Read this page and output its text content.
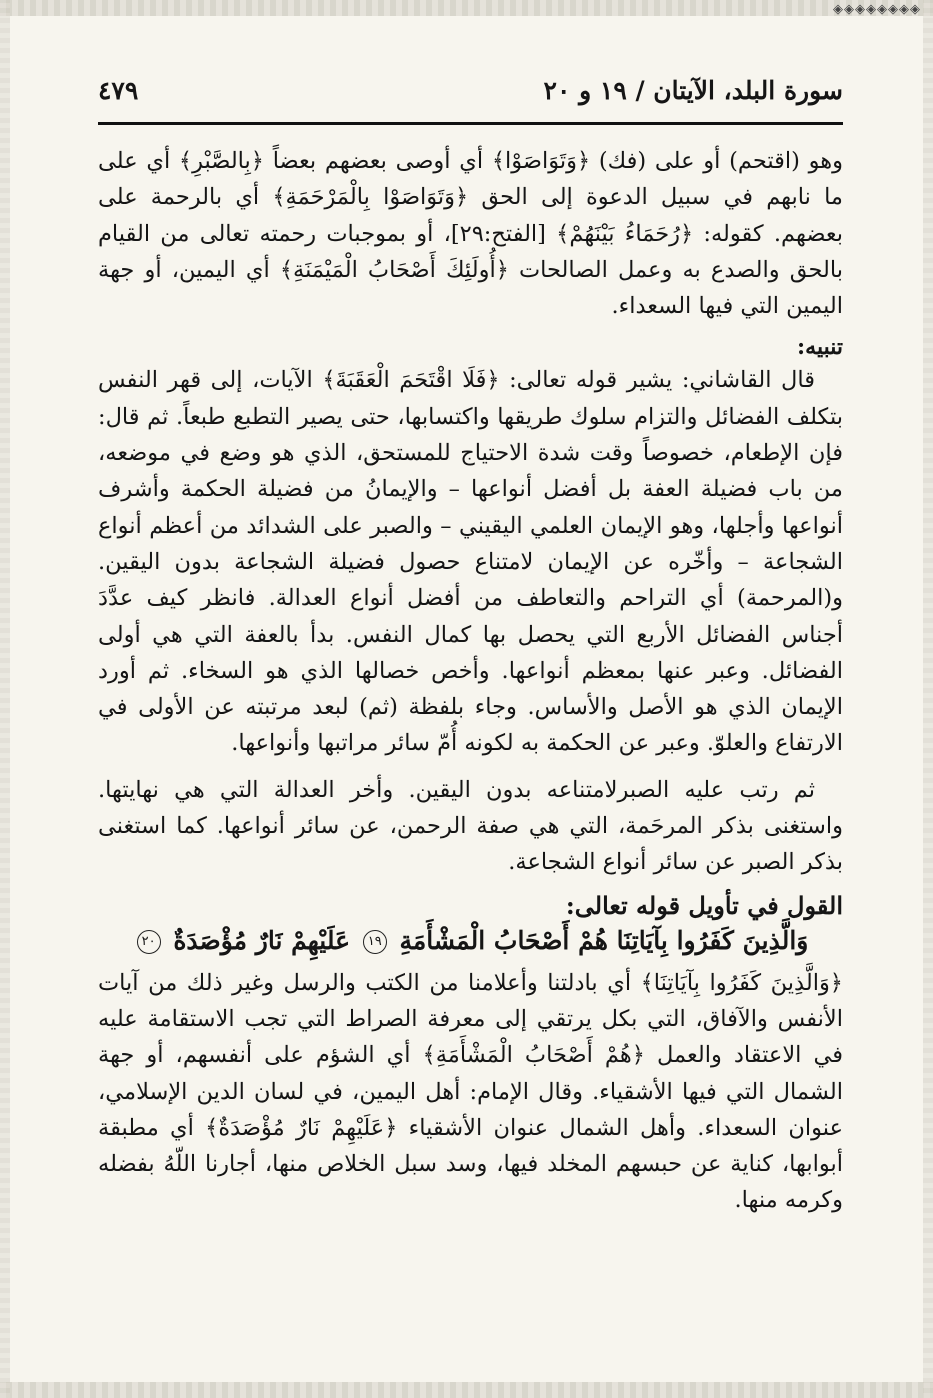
◈◈◈◈◈◈◈◈
سورة البلد، الآيتان / ١٩ و ٢٠
٤٧٩

وهو (اقتحم) أو على (فك) ﴿وَتَوَاصَوْا﴾ أي أوصى بعضهم بعضاً ﴿بِالصَّبْرِ﴾ أي على ما نابهم في سبيل الدعوة إلى الحق ﴿وَتَوَاصَوْا بِالْمَرْحَمَةِ﴾ أي بالرحمة على بعضهم. كقوله: ﴿رُحَمَاءُ بَيْنَهُمْ﴾ [الفتح:٢٩]، أو بموجبات رحمته تعالى من القيام بالحق والصدع به وعمل الصالحات ﴿أُولَئِكَ أَصْحَابُ الْمَيْمَنَةِ﴾ أي اليمين، أو جهة اليمين التي فيها السعداء.

تنبيه:

قال القاشاني: يشير قوله تعالى: ﴿فَلَا اقْتَحَمَ الْعَقَبَةَ﴾ الآيات، إلى قهر النفس بتكلف الفضائل والتزام سلوك طريقها واكتسابها، حتى يصير التطبع طبعاً. ثم قال: فإن الإطعام، خصوصاً وقت شدة الاحتياج للمستحق، الذي هو وضع في موضعه، من باب فضيلة العفة بل أفضل أنواعها – والإيمانُ من فضيلة الحكمة وأشرف أنواعها وأجلها، وهو الإيمان العلمي اليقيني – والصبر على الشدائد من أعظم أنواع الشجاعة – وأخّره عن الإيمان لامتناع حصول فضيلة الشجاعة بدون اليقين. و(المرحمة) أي التراحم والتعاطف من أفضل أنواع العدالة. فانظر كيف عدَّدَ أجناس الفضائل الأربع التي يحصل بها كمال النفس. بدأ بالعفة التي هي أولى الفضائل. وعبر عنها بمعظم أنواعها. وأخص خصالها الذي هو السخاء. ثم أورد الإيمان الذي هو الأصل والأساس. وجاء بلفظة (ثم) لبعد مرتبته عن الأولى في الارتفاع والعلوّ. وعبر عن الحكمة به لكونه أُمّ سائر مراتبها وأنواعها.

ثم رتب عليه الصبرلامتناعه بدون اليقين. وأخر العدالة التي هي نهايتها. واستغنى بذكر المرحَمة، التي هي صفة الرحمن، عن سائر أنواعها. كما استغنى بذكر الصبر عن سائر أنواع الشجاعة.

القول في تأويل قوله تعالى:
وَالَّذِينَ كَفَرُوا بِآيَاتِنَا هُمْ أَصْحَابُ الْمَشْأَمَةِ ١٩ عَلَيْهِمْ نَارٌ مُؤْصَدَةٌ ٢٠

﴿وَالَّذِينَ كَفَرُوا بِآيَاتِنَا﴾ أي بادلتنا وأعلامنا من الكتب والرسل وغير ذلك من آيات الأنفس والآفاق، التي بكل يرتقي إلى معرفة الصراط التي تجب الاستقامة عليه في الاعتقاد والعمل ﴿هُمْ أَصْحَابُ الْمَشْأَمَةِ﴾ أي الشؤم على أنفسهم، أو جهة الشمال التي فيها الأشقياء. وقال الإمام: أهل اليمين، في لسان الدين الإسلامي، عنوان السعداء. وأهل الشمال عنوان الأشقياء ﴿عَلَيْهِمْ نَارٌ مُؤْصَدَةٌ﴾ أي مطبقة أبوابها، كناية عن حبسهم المخلد فيها، وسد سبل الخلاص منها، أجارنا اللّهُ بفضله وكرمه منها.
